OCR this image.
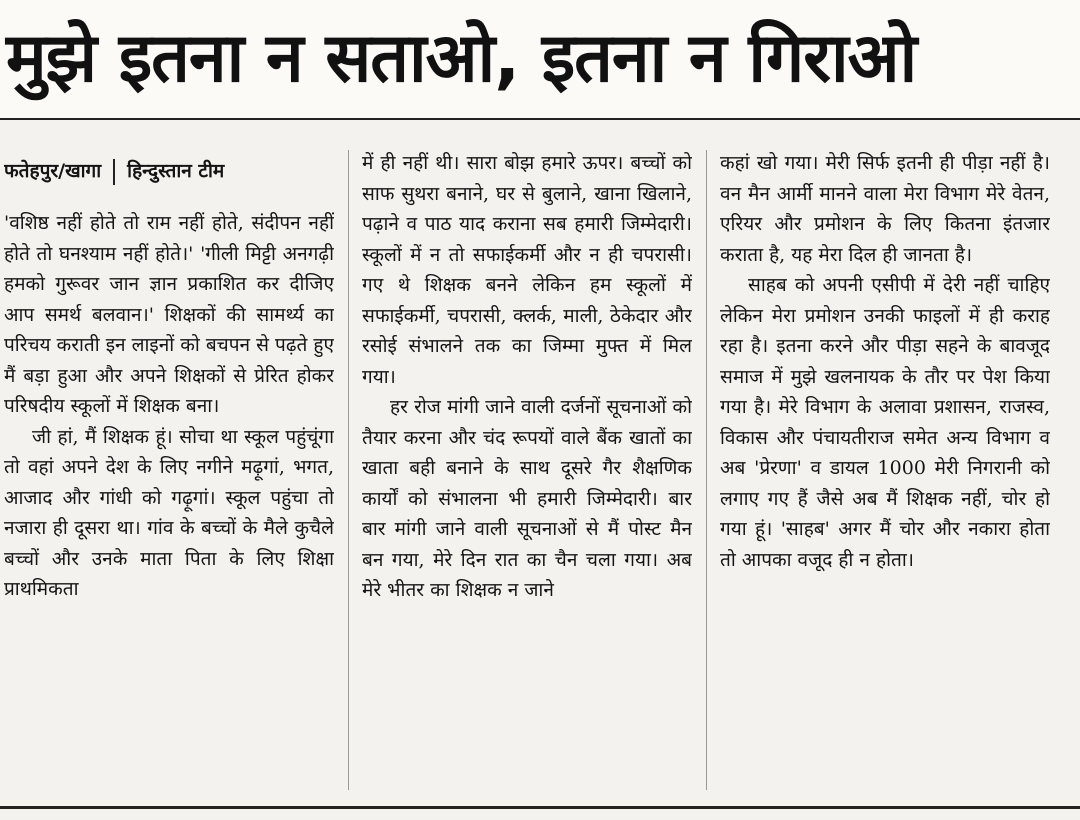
मुझे इतना न सताओ, इतना न गिराओ
फतेहपुर/खागा हिन्दुस्तान टीम

'वशिष्ठ नहीं होते तो राम नहीं होते, संदीपन नहीं होते तो घनश्याम नहीं होते।' 'गीली मिट्टी अनगढ़ी हमको गुरूवर जान ज्ञान प्रकाशित कर दीजिए आप समर्थ बलवान।' शिक्षकों की सामर्थ्य का परिचय कराती इन लाइनों को बचपन से पढ़ते हुए मैं बड़ा हुआ और अपने शिक्षकों से प्रेरित होकर परिषदीय स्कूलों में शिक्षक बना।

जी हां, मैं शिक्षक हूं। सोचा था स्कूल पहुंचूंगा तो वहां अपने देश के लिए नगीने मढ़ूगां, भगत, आजाद और गांधी को गढ़ूगां। स्कूल पहुंचा तो नजारा ही दूसरा था। गांव के बच्चों के मैले कुचैले बच्चों और उनके माता पिता के लिए शिक्षा प्राथमिकता

में ही नहीं थी। सारा बोझ हमारे ऊपर। बच्चों को साफ सुथरा बनाने, घर से बुलाने, खाना खिलाने, पढ़ाने व पाठ याद कराना सब हमारी जिम्मेदारी। स्कूलों में न तो सफाईकर्मी और न ही चपरासी। गए थे शिक्षक बनने लेकिन हम स्कूलों में सफाईकर्मी, चपरासी, क्लर्क, माली, ठेकेदार और रसोई संभालने तक का जिम्मा मुफ्त में मिल गया।

हर रोज मांगी जाने वाली दर्जनों सूचनाओं को तैयार करना और चंद रूपयों वाले बैंक खातों का खाता बही बनाने के साथ दूसरे गैर शैक्षणिक कार्यों को संभालना भी हमारी जिम्मेदारी। बार बार मांगी जाने वाली सूचनाओं से मैं पोस्ट मैन बन गया, मेरे दिन रात का चैन चला गया। अब मेरे भीतर का शिक्षक न जाने

कहां खो गया। मेरी सिर्फ इतनी ही पीड़ा नहीं है। वन मैन आर्मी मानने वाला मेरा विभाग मेरे वेतन, एरियर और प्रमोशन के लिए कितना इंतजार कराता है, यह मेरा दिल ही जानता है।

साहब को अपनी एसीपी में देरी नहीं चाहिए लेकिन मेरा प्रमोशन उनकी फाइलों में ही कराह रहा है। इतना करने और पीड़ा सहने के बावजूद समाज में मुझे खलनायक के तौर पर पेश किया गया है। मेरे विभाग के अलावा प्रशासन, राजस्व, विकास और पंचायतीराज समेत अन्य विभाग व अब 'प्रेरणा' व डायल 1000 मेरी निगरानी को लगाए गए हैं जैसे अब मैं शिक्षक नहीं, चोर हो गया हूं। 'साहब' अगर मैं चोर और नकारा होता तो आपका वजूद ही न होता।
